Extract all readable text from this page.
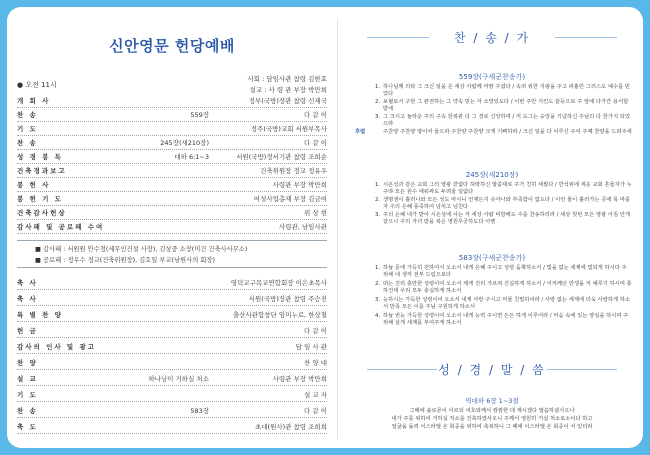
신안영문 헌당예배
● 오전 11시
사회 : 담임사관 참령 김한효
설교 : 사 령 관 부장 박만희
개 회 사	정부(국방)장관 참령 신재국
찬 송	559장	다 같 이
기 도	정주(국방)교회 서원부목사
찬 송	245장(새210장)	다 같 이
성 경 봉 독	대하 6:1~3	서원(국방)정서기관 참령 조희순
건축경과보고	건축위원장 정교 정유우
봉 헌 사	사령관 부장 박만희
봉 헌 기 도	여성사업총재 부장 김금여
건축감사헌상	위 상 현
감사패 및 공로패 수여	사령관, 남임사관
■ 감사패 : 서원원 안수정(세무인건설 사장), 김상중 소장(미건 건축사사무소)
■ 공로패 : 정우수 정교(건축위원장), 김호일 부교(남원사의 회장)
축 사	영덕교구목교연합회장 이은초목사
축 사	서원(국방)장관 참령 주승진
특 별 찬 양	출산사관합창단 임미누로, 한상철
헌 금	다 같 이
감사의 인사 및 광고	담 임 사 관
찬 양	찬 양 대
설 교	하나님이 거하실 처소	사령관 부장 박만희
기 도	설 교 자
찬 송	583장	다 같 이
축 도	초대(원사)관 참령 조희희
찬 / 송 / 가
559장(구세군찬송가)
1. 하나님께 의탁 그 크신 일을 온 세상 사람께 마땅 주셨다 / 속죄 위한 지팡을 주고 피흘린 그리스도 예수를 믿었다
2. 보혈로서 구한 그 완전하는 그 약속 믿는 자 소망있도다 / 이번 주안 지킨도 끝등으로 주 앞에 다가간 용서함 받네
3. 그 크시고 놀라운 주의 구속 한복판 다 그 경로 신앙하며 / 저 도그는 숭앙을 기념하신 주님의 다 한가지 되었으라
후렴	주찬양 주찬양 땅이여 들으라 주찬양 주찬양 크게 기뻐하라 / 크신 일을 다 이루신 주여 주께 찬양을 드려주세
245장(새210장)
1. 시온성과 같은 교회 그의 영광 한없다 허락하신 말씀대로 주가 친히 세웠다 / 반석위에 세운 교회 흔들자가 누구랴 모든 원수 에워싸도 두려울 일없다
2. 생명샘이 흘러나와 모든 성도 마시니 언제든지 솟아나와 부족함이 없도다 / 이런 물이 흘러가는 곳에 목 마를자 주의 은혜 풍족하여 넘치고 넘친다
3. 주의 은혜 내가 받아 시온성에 사는 자 세상 사람 비방해도 주를 찬송하리라 / 세상 헛된 모든 영광 아침 안개 같으나 주의 자녀 받을 복은 영원무궁하도다 아멘
583장(구세군찬송가)
1. 하늘 문에 가득히 전하여서 오소서 내게 은혜 주시고 성령 듬뿍하소서 / 빛을 없는 세계에 빛되게 하시다 주 위해 내 생각 전부 드림으로다
2. 떠는 진리 충만한 성령이여 오소서 제게 진리 가르쳐 진실하게 하소서 / 어저께던 만생을 저 예루기 하시며 통하건대 우리 모두 충실하게 하소서
3. 능하시는 가득한 성령이여 오소서 내게 사랑 주시고 머물 친밀하여라 / 사랑 없는 세계에 더욱 사랑하게 하소서 만족 모든 이를 주님 구원하게 하소서
4. 하늘 권능 가득한 성령이여 오소서 내게 능력 주시면 든든 하게 이루어라 / 마음 속에 있는 양심을 하시며 주 위해 살게 세계를 부여주게 하소서
성 / 경 / 말 / 씀
역대하 6장 1~3절
그때에 솔로몬이 이르되 여호와께서 캄캄한 데 계시겠다 말씀하셨사오나
내가 주를 위하여 거하실 처소를 건축하였사오니 주께서 영원히 거실 처소로소이다 하고
얼굴을 돌려 이스라엘 온 회중을 위하여 축복하니 그 때에 이스라엘 온 회중이 서 있더라
